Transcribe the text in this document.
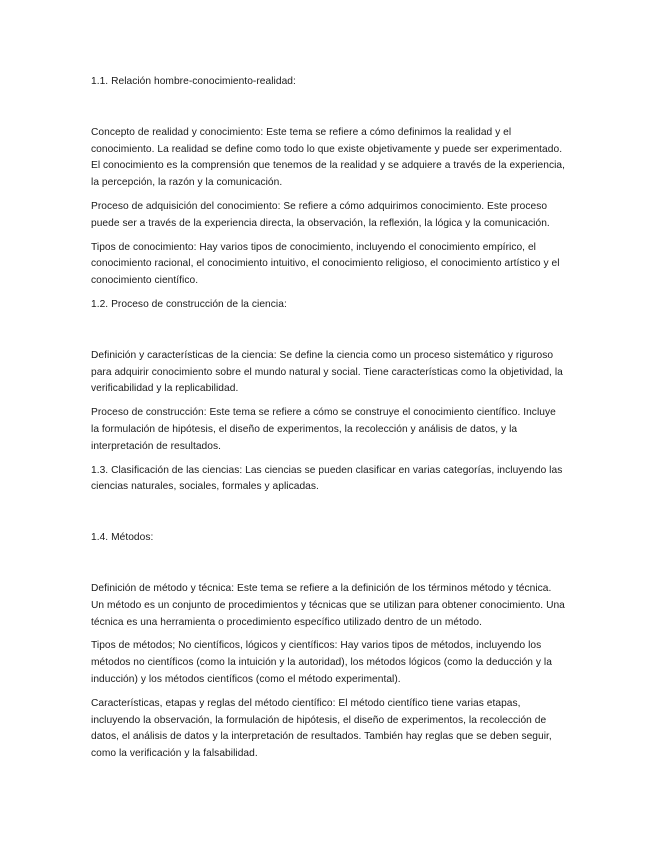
1.1. Relación hombre-conocimiento-realidad:

Concepto de realidad y conocimiento: Este tema se refiere a cómo definimos la realidad y el conocimiento. La realidad se define como todo lo que existe objetivamente y puede ser experimentado. El conocimiento es la comprensión que tenemos de la realidad y se adquiere a través de la experiencia, la percepción, la razón y la comunicación.

Proceso de adquisición del conocimiento: Se refiere a cómo adquirimos conocimiento. Este proceso puede ser a través de la experiencia directa, la observación, la reflexión, la lógica y la comunicación.

Tipos de conocimiento: Hay varios tipos de conocimiento, incluyendo el conocimiento empírico, el conocimiento racional, el conocimiento intuitivo, el conocimiento religioso, el conocimiento artístico y el conocimiento científico.

1.2. Proceso de construcción de la ciencia:

Definición y características de la ciencia: Se define la ciencia como un proceso sistemático y riguroso para adquirir conocimiento sobre el mundo natural y social. Tiene características como la objetividad, la verificabilidad y la replicabilidad.

Proceso de construcción: Este tema se refiere a cómo se construye el conocimiento científico. Incluye la formulación de hipótesis, el diseño de experimentos, la recolección y análisis de datos, y la interpretación de resultados.

1.3. Clasificación de las ciencias: Las ciencias se pueden clasificar en varias categorías, incluyendo las ciencias naturales, sociales, formales y aplicadas.

1.4. Métodos:

Definición de método y técnica: Este tema se refiere a la definición de los términos método y técnica. Un método es un conjunto de procedimientos y técnicas que se utilizan para obtener conocimiento. Una técnica es una herramienta o procedimiento específico utilizado dentro de un método.

Tipos de métodos; No científicos, lógicos y científicos: Hay varios tipos de métodos, incluyendo los métodos no científicos (como la intuición y la autoridad), los métodos lógicos (como la deducción y la inducción) y los métodos científicos (como el método experimental).

Características, etapas y reglas del método científico: El método científico tiene varias etapas, incluyendo la observación, la formulación de hipótesis, el diseño de experimentos, la recolección de datos, el análisis de datos y la interpretación de resultados. También hay reglas que se deben seguir, como la verificación y la falsabilidad.
